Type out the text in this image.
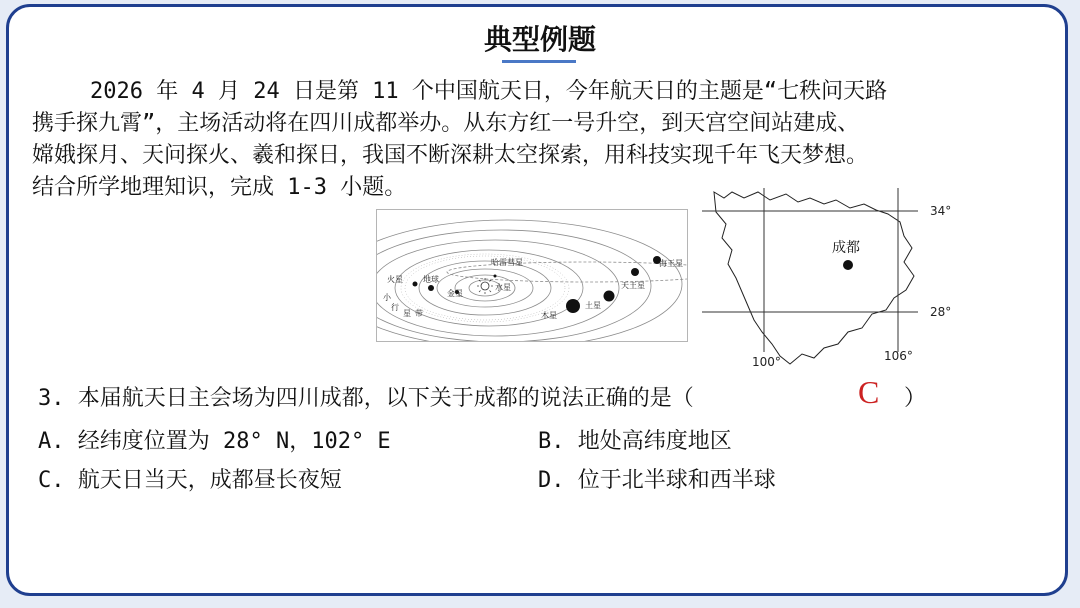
典型例题
2026 年 4 月 24 日是第 11 个中国航天日，今年航天日的主题是“七秩问天路
携手探九霄”，主场活动将在四川成都举办。从东方红一号升空，到天宫空间站建成、
嫦娥探月、天问探火、羲和探日，我国不断深耕太空探索，用科技实现千年飞天梦想。
结合所学地理知识，完成 1-3 小题。
哈雷彗星
水星
金星
地球
火星
小
行
星 带	木星
土星
天王星
海王星
成都
34°
28°
100°	106°
3. 本届航天日主会场为四川成都，以下关于成都的说法正确的是（	C ）
A. 经纬度位置为 28° N，102° E	B. 地处高纬度地区
C. 航天日当天，成都昼长夜短	D. 位于北半球和西半球
